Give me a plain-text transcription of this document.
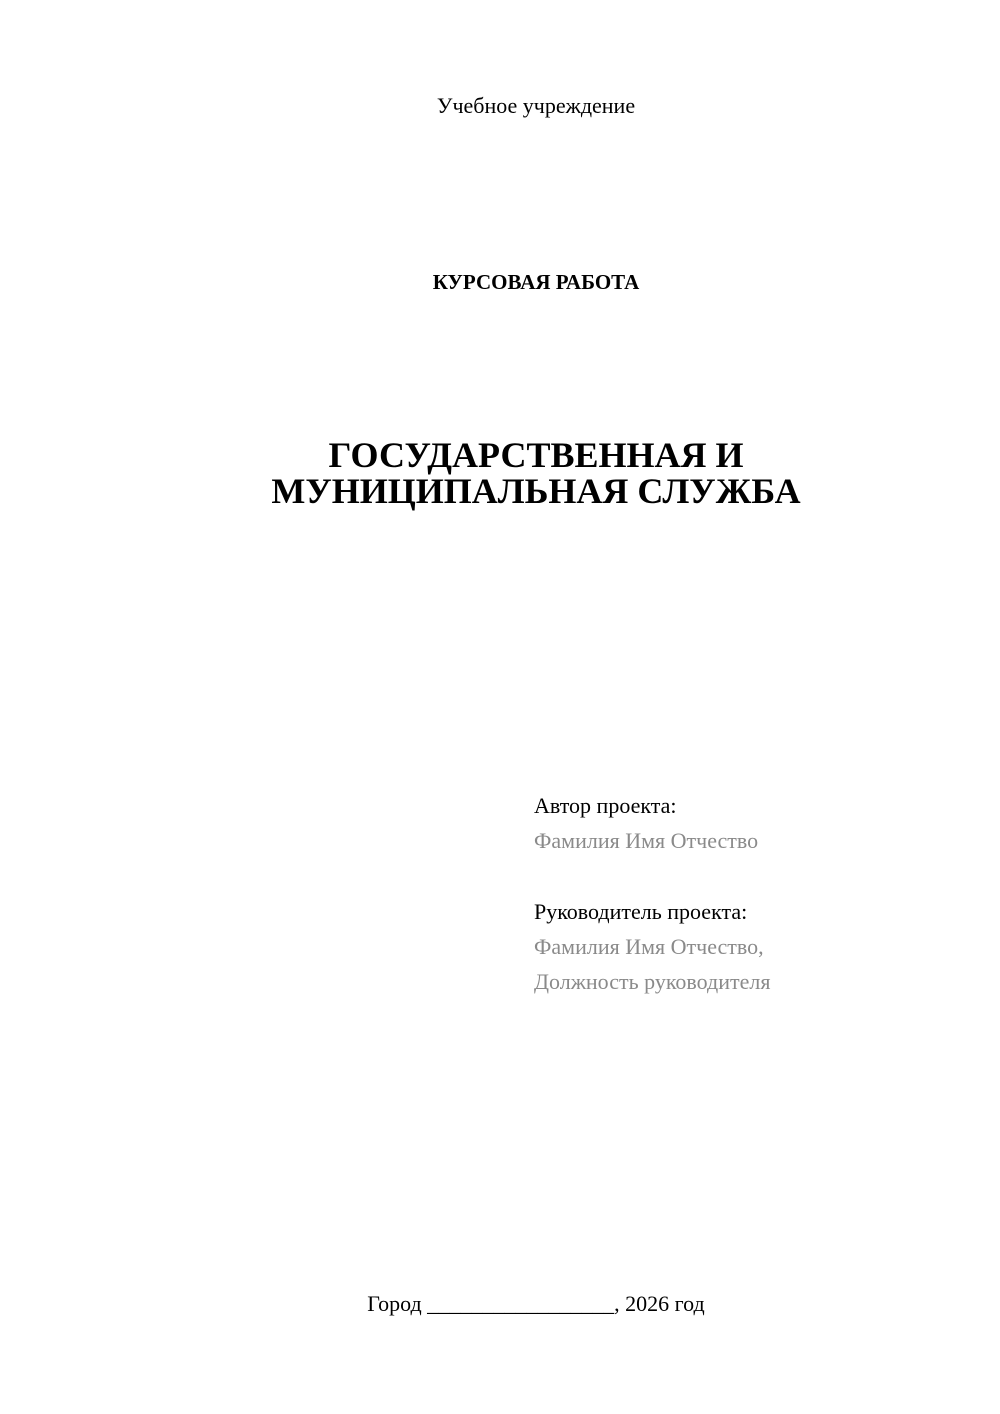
Учебное учреждение
КУРСОВАЯ РАБОТА
ГОСУДАРСТВЕННАЯ И
МУНИЦИПАЛЬНАЯ СЛУЖБА
Автор проекта:
Фамилия Имя Отчество
Руководитель проекта:
Фамилия Имя Отчество,
Должность руководителя
Город _________________, 2026 год
